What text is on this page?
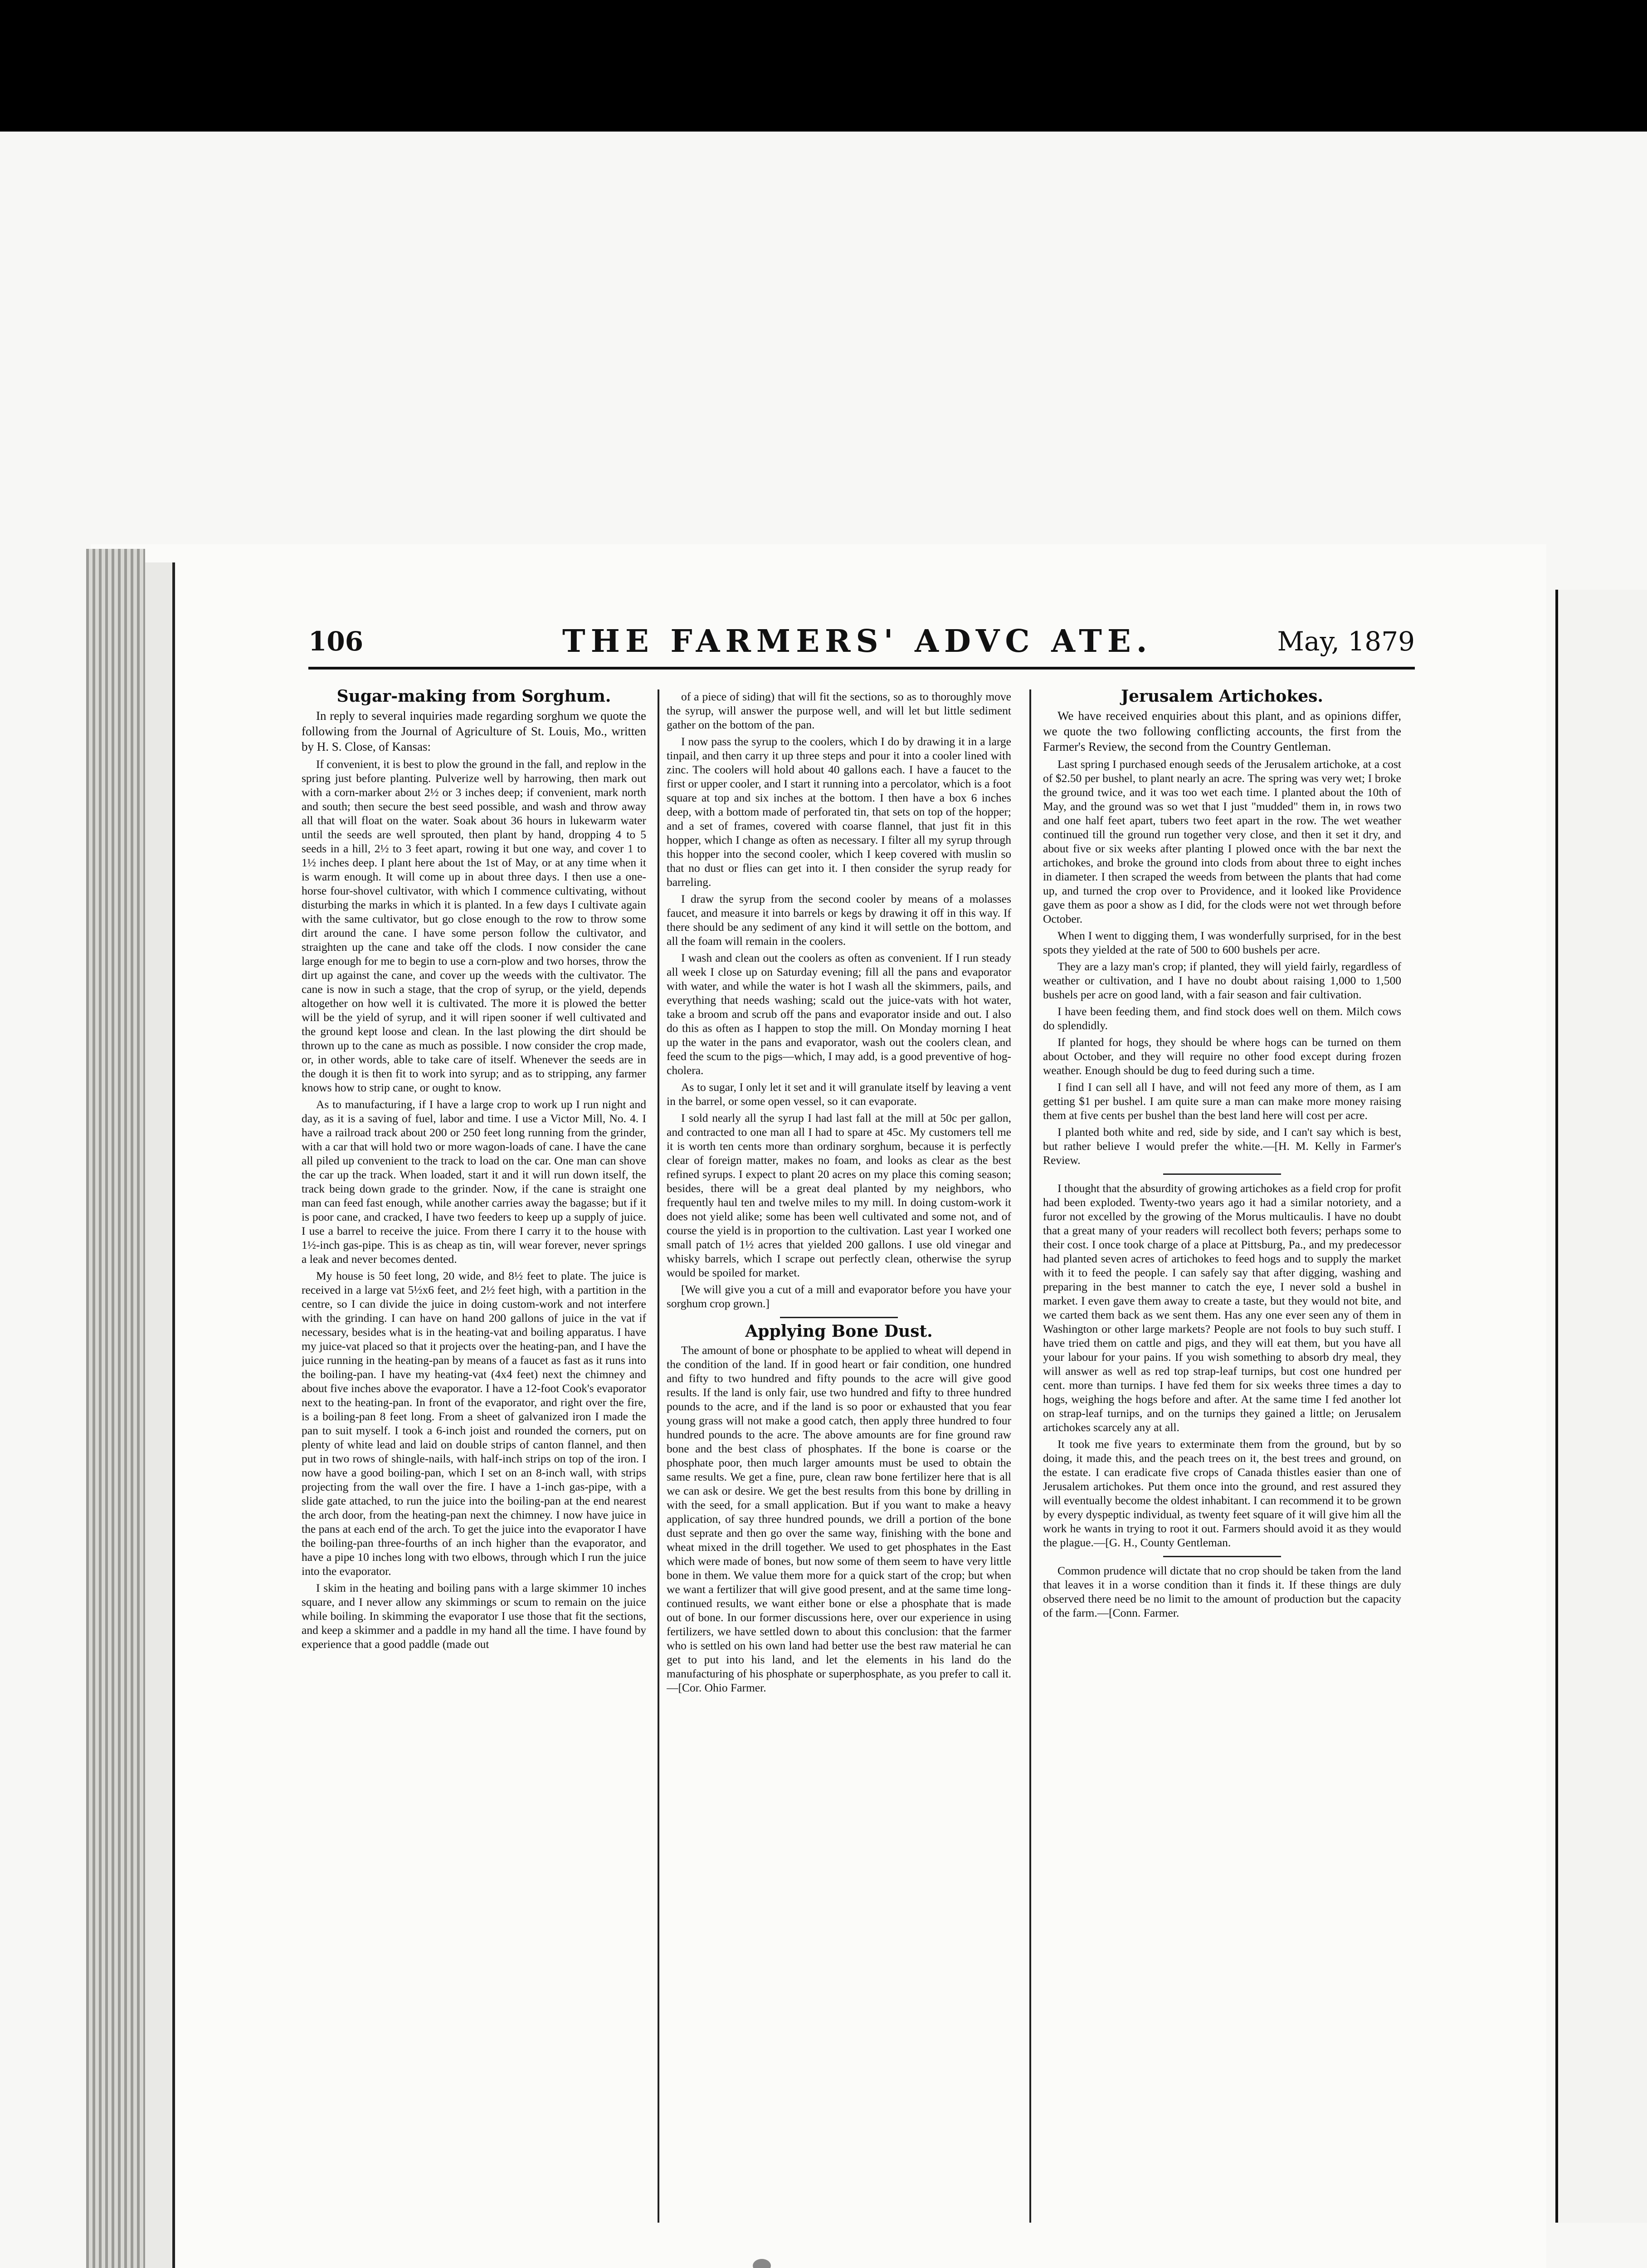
106	THE FARMERS' ADVC ATE.	May, 1879
Sugar-making from Sorghum.

In reply to several inquiries made regarding sorghum we quote the following from the Journal of Agriculture of St. Louis, Mo., written by H. S. Close, of Kansas:

If convenient, it is best to plow the ground in the fall, and replow in the spring just before planting. Pulverize well by harrowing, then mark out with a corn-marker about 2½ or 3 inches deep; if convenient, mark north and south; then secure the best seed possible, and wash and throw away all that will float on the water. Soak about 36 hours in lukewarm water until the seeds are well sprouted, then plant by hand, dropping 4 to 5 seeds in a hill, 2½ to 3 feet apart, rowing it but one way, and cover 1 to 1½ inches deep. I plant here about the 1st of May, or at any time when it is warm enough. It will come up in about three days. I then use a one-horse four-shovel cultivator, with which I commence cultivating, without disturbing the marks in which it is planted. In a few days I cultivate again with the same cultivator, but go close enough to the row to throw some dirt around the cane. I have some person follow the cultivator, and straighten up the cane and take off the clods. I now consider the cane large enough for me to begin to use a corn-plow and two horses, throw the dirt up against the cane, and cover up the weeds with the cultivator. The cane is now in such a stage, that the crop of syrup, or the yield, depends altogether on how well it is cultivated. The more it is plowed the better will be the yield of syrup, and it will ripen sooner if well cultivated and the ground kept loose and clean. In the last plowing the dirt should be thrown up to the cane as much as possible. I now consider the crop made, or, in other words, able to take care of itself. Whenever the seeds are in the dough it is then fit to work into syrup; and as to stripping, any farmer knows how to strip cane, or ought to know.

As to manufacturing, if I have a large crop to work up I run night and day, as it is a saving of fuel, labor and time. I use a Victor Mill, No. 4. I have a railroad track about 200 or 250 feet long running from the grinder, with a car that will hold two or more wagon-loads of cane. I have the cane all piled up convenient to the track to load on the car. One man can shove the car up the track. When loaded, start it and it will run down itself, the track being down grade to the grinder. Now, if the cane is straight one man can feed fast enough, while another carries away the bagasse; but if it is poor cane, and cracked, I have two feeders to keep up a supply of juice. I use a barrel to receive the juice. From there I carry it to the house with 1½-inch gas-pipe. This is as cheap as tin, will wear forever, never springs a leak and never becomes dented.

My house is 50 feet long, 20 wide, and 8½ feet to plate. The juice is received in a large vat 5½x6 feet, and 2½ feet high, with a partition in the centre, so I can divide the juice in doing custom-work and not interfere with the grinding. I can have on hand 200 gallons of juice in the vat if necessary, besides what is in the heating-vat and boiling apparatus. I have my juice-vat placed so that it projects over the heating-pan, and I have the juice running in the heating-pan by means of a faucet as fast as it runs into the boiling-pan. I have my heating-vat (4x4 feet) next the chimney and about five inches above the evaporator. I have a 12-foot Cook's evaporator next to the heating-pan. In front of the evaporator, and right over the fire, is a boiling-pan 8 feet long. From a sheet of galvanized iron I made the pan to suit myself. I took a 6-inch joist and rounded the corners, put on plenty of white lead and laid on double strips of canton flannel, and then put in two rows of shingle-nails, with half-inch strips on top of the iron. I now have a good boiling-pan, which I set on an 8-inch wall, with strips projecting from the wall over the fire. I have a 1-inch gas-pipe, with a slide gate attached, to run the juice into the boiling-pan at the end nearest the arch door, from the heating-pan next the chimney. I now have juice in the pans at each end of the arch. To get the juice into the evaporator I have the boiling-pan three-fourths of an inch higher than the evaporator, and have a pipe 10 inches long with two elbows, through which I run the juice into the evaporator.

I skim in the heating and boiling pans with a large skimmer 10 inches square, and I never allow any skimmings or scum to remain on the juice while boiling. In skimming the evaporator I use those that fit the sections, and keep a skimmer and a paddle in my hand all the time. I have found by experience that a good paddle (made out

of a piece of siding) that will fit the sections, so as to thoroughly move the syrup, will answer the purpose well, and will let but little sediment gather on the bottom of the pan.

I now pass the syrup to the coolers, which I do by drawing it in a large tinpail, and then carry it up three steps and pour it into a cooler lined with zinc. The coolers will hold about 40 gallons each. I have a faucet to the first or upper cooler, and I start it running into a percolator, which is a foot square at top and six inches at the bottom. I then have a box 6 inches deep, with a bottom made of perforated tin, that sets on top of the hopper; and a set of frames, covered with coarse flannel, that just fit in this hopper, which I change as often as necessary. I filter all my syrup through this hopper into the second cooler, which I keep covered with muslin so that no dust or flies can get into it. I then consider the syrup ready for barreling.

I draw the syrup from the second cooler by means of a molasses faucet, and measure it into barrels or kegs by drawing it off in this way. If there should be any sediment of any kind it will settle on the bottom, and all the foam will remain in the coolers.

I wash and clean out the coolers as often as convenient. If I run steady all week I close up on Saturday evening; fill all the pans and evaporator with water, and while the water is hot I wash all the skimmers, pails, and everything that needs washing; scald out the juice-vats with hot water, take a broom and scrub off the pans and evaporator inside and out. I also do this as often as I happen to stop the mill. On Monday morning I heat up the water in the pans and evaporator, wash out the coolers clean, and feed the scum to the pigs—which, I may add, is a good preventive of hog-cholera.

As to sugar, I only let it set and it will granulate itself by leaving a vent in the barrel, or some open vessel, so it can evaporate.

I sold nearly all the syrup I had last fall at the mill at 50c per gallon, and contracted to one man all I had to spare at 45c. My customers tell me it is worth ten cents more than ordinary sorghum, because it is perfectly clear of foreign matter, makes no foam, and looks as clear as the best refined syrups. I expect to plant 20 acres on my place this coming season; besides, there will be a great deal planted by my neighbors, who frequently haul ten and twelve miles to my mill. In doing custom-work it does not yield alike; some has been well cultivated and some not, and of course the yield is in proportion to the cultivation. Last year I worked one small patch of 1½ acres that yielded 200 gallons. I use old vinegar and whisky barrels, which I scrape out perfectly clean, otherwise the syrup would be spoiled for market.

[We will give you a cut of a mill and evaporator before you have your sorghum crop grown.]

Applying Bone Dust.

The amount of bone or phosphate to be applied to wheat will depend in the condition of the land. If in good heart or fair condition, one hundred and fifty to two hundred and fifty pounds to the acre will give good results. If the land is only fair, use two hundred and fifty to three hundred pounds to the acre, and if the land is so poor or exhausted that you fear young grass will not make a good catch, then apply three hundred to four hundred pounds to the acre. The above amounts are for fine ground raw bone and the best class of phosphates. If the bone is coarse or the phosphate poor, then much larger amounts must be used to obtain the same results. We get a fine, pure, clean raw bone fertilizer here that is all we can ask or desire. We get the best results from this bone by drilling in with the seed, for a small application. But if you want to make a heavy application, of say three hundred pounds, we drill a portion of the bone dust seprate and then go over the same way, finishing with the bone and wheat mixed in the drill together. We used to get phosphates in the East which were made of bones, but now some of them seem to have very little bone in them. We value them more for a quick start of the crop; but when we want a fertilizer that will give good present, and at the same time long-continued results, we want either bone or else a phosphate that is made out of bone. In our former discussions here, over our experience in using fertilizers, we have settled down to about this conclusion: that the farmer who is settled on his own land had better use the best raw material he can get to put into his land, and let the elements in his land do the manufacturing of his phosphate or superphosphate, as you prefer to call it.—[Cor. Ohio Farmer.

Jerusalem Artichokes.

We have received enquiries about this plant, and as opinions differ, we quote the two following conflicting accounts, the first from the Farmer's Review, the second from the Country Gentleman.

Last spring I purchased enough seeds of the Jerusalem artichoke, at a cost of $2.50 per bushel, to plant nearly an acre. The spring was very wet; I broke the ground twice, and it was too wet each time. I planted about the 10th of May, and the ground was so wet that I just "mudded" them in, in rows two and one half feet apart, tubers two feet apart in the row. The wet weather continued till the ground run together very close, and then it set it dry, and about five or six weeks after planting I plowed once with the bar next the artichokes, and broke the ground into clods from about three to eight inches in diameter. I then scraped the weeds from between the plants that had come up, and turned the crop over to Providence, and it looked like Providence gave them as poor a show as I did, for the clods were not wet through before October.

When I went to digging them, I was wonderfully surprised, for in the best spots they yielded at the rate of 500 to 600 bushels per acre.

They are a lazy man's crop; if planted, they will yield fairly, regardless of weather or cultivation, and I have no doubt about raising 1,000 to 1,500 bushels per acre on good land, with a fair season and fair cultivation.

I have been feeding them, and find stock does well on them. Milch cows do splendidly.

If planted for hogs, they should be where hogs can be turned on them about October, and they will require no other food except during frozen weather. Enough should be dug to feed during such a time.

I find I can sell all I have, and will not feed any more of them, as I am getting $1 per bushel. I am quite sure a man can make more money raising them at five cents per bushel than the best land here will cost per acre.

I planted both white and red, side by side, and I can't say which is best, but rather believe I would prefer the white.—[H. M. Kelly in Farmer's Review.

I thought that the absurdity of growing artichokes as a field crop for profit had been exploded. Twenty-two years ago it had a similar notoriety, and a furor not excelled by the growing of the Morus multicaulis. I have no doubt that a great many of your readers will recollect both fevers; perhaps some to their cost. I once took charge of a place at Pittsburg, Pa., and my predecessor had planted seven acres of artichokes to feed hogs and to supply the market with it to feed the people. I can safely say that after digging, washing and preparing in the best manner to catch the eye, I never sold a bushel in market. I even gave them away to create a taste, but they would not bite, and we carted them back as we sent them. Has any one ever seen any of them in Washington or other large markets? People are not fools to buy such stuff. I have tried them on cattle and pigs, and they will eat them, but you have all your labour for your pains. If you wish something to absorb dry meal, they will answer as well as red top strap-leaf turnips, but cost one hundred per cent. more than turnips. I have fed them for six weeks three times a day to hogs, weighing the hogs before and after. At the same time I fed another lot on strap-leaf turnips, and on the turnips they gained a little; on Jerusalem artichokes scarcely any at all.

It took me five years to exterminate them from the ground, but by so doing, it made this, and the peach trees on it, the best trees and ground, on the estate. I can eradicate five crops of Canada thistles easier than one of Jerusalem artichokes. Put them once into the ground, and rest assured they will eventually become the oldest inhabitant. I can recommend it to be grown by every dyspeptic individual, as twenty feet square of it will give him all the work he wants in trying to root it out. Farmers should avoid it as they would the plague.—[G. H., County Gentleman.

Common prudence will dictate that no crop should be taken from the land that leaves it in a worse condition than it finds it. If these things are duly observed there need be no limit to the amount of production but the capacity of the farm.—[Conn. Farmer.
